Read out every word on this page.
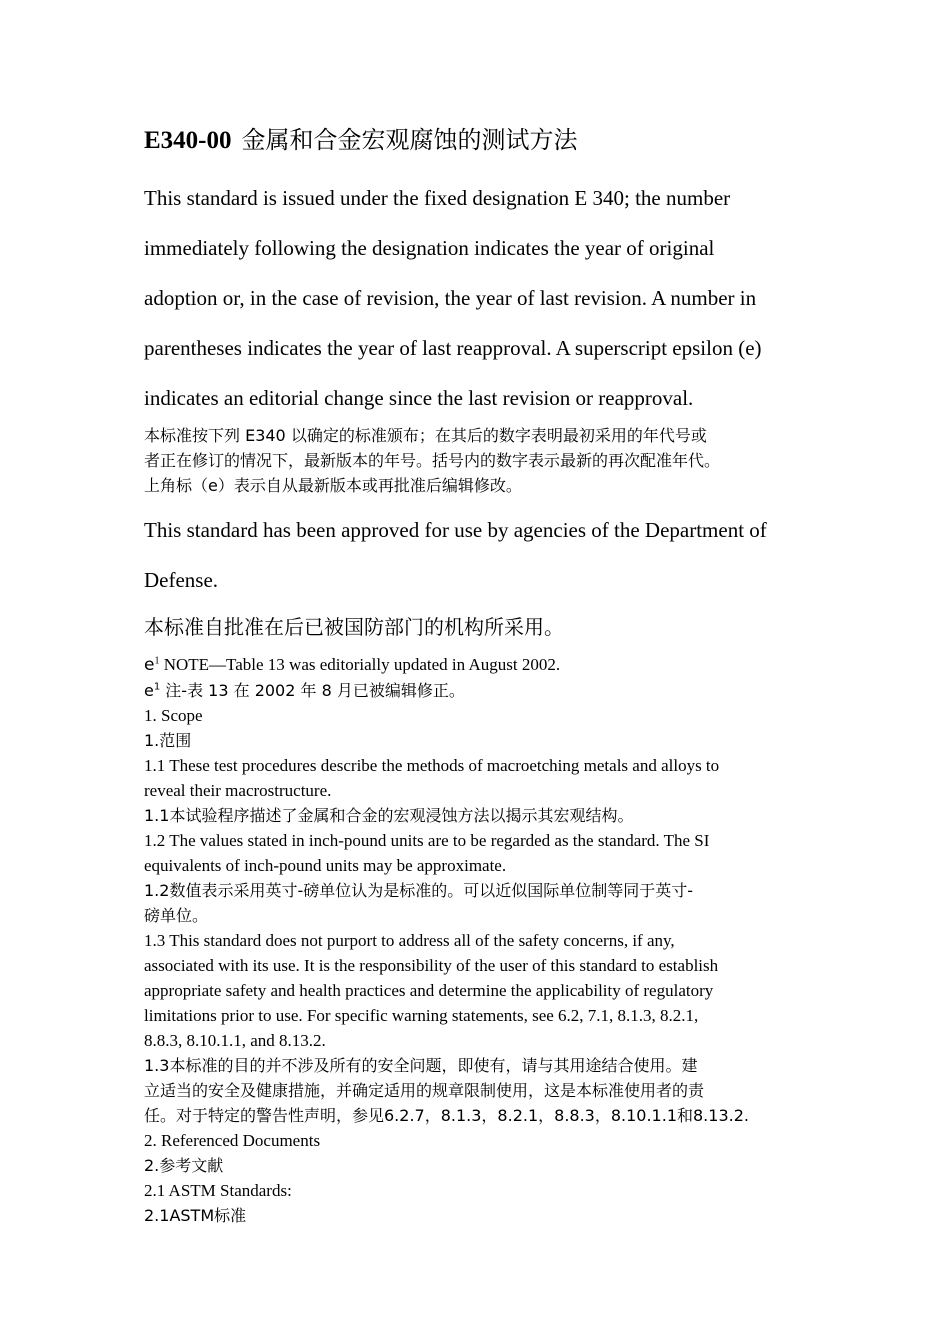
E340-00 金属和合金宏观腐蚀的测试方法

This standard is issued under the fixed designation E 340; the number
immediately following the designation indicates the year of original
adoption or, in the case of revision, the year of last revision. A number in
parentheses indicates the year of last reapproval. A superscript epsilon (e)
indicates an editorial change since the last revision or reapproval.

本标准按下列 E340 以确定的标准颁布；在其后的数字表明最初采用的年代号或
者正在修订的情况下，最新版本的年号。括号内的数字表示最新的再次配准年代。
上角标（e）表示自从最新版本或再批准后编辑修改。

This standard has been approved for use by agencies of the Department of
Defense.

本标准自批准在后已被国防部门的机构所采用。

$e^1$ NOTE—Table 13 was editorially updated in August 2002.

$e^1$ 注-表 13 在 2002 年 8 月已被编辑修正。

1. Scope

1.范围

1.1 These test procedures describe the methods of macroetching metals and alloys to
reveal their macrostructure.

1.1本试验程序描述了金属和合金的宏观浸蚀方法以揭示其宏观结构。

1.2 The values stated in inch-pound units are to be regarded as the standard. The SI
equivalents of inch-pound units may be approximate.

1.2数值表示采用英寸-磅单位认为是标准的。可以近似国际单位制等同于英寸-
磅单位。

1.3 This standard does not purport to address all of the safety concerns, if any,
associated with its use. It is the responsibility of the user of this standard to establish
appropriate safety and health practices and determine the applicability of regulatory
limitations prior to use. For specific warning statements, see 6.2, 7.1, 8.1.3, 8.2.1,
8.8.3, 8.10.1.1, and 8.13.2.

1.3本标准的目的并不涉及所有的安全问题，即使有，请与其用途结合使用。建
立适当的安全及健康措施，并确定适用的规章限制使用，这是本标准使用者的责
任。对于特定的警告性声明，参见6.2.7，8.1.3，8.2.1，8.8.3，8.10.1.1和8.13.2.

2. Referenced Documents

2.参考文献

2.1 ASTM Standards:

2.1ASTM标准
